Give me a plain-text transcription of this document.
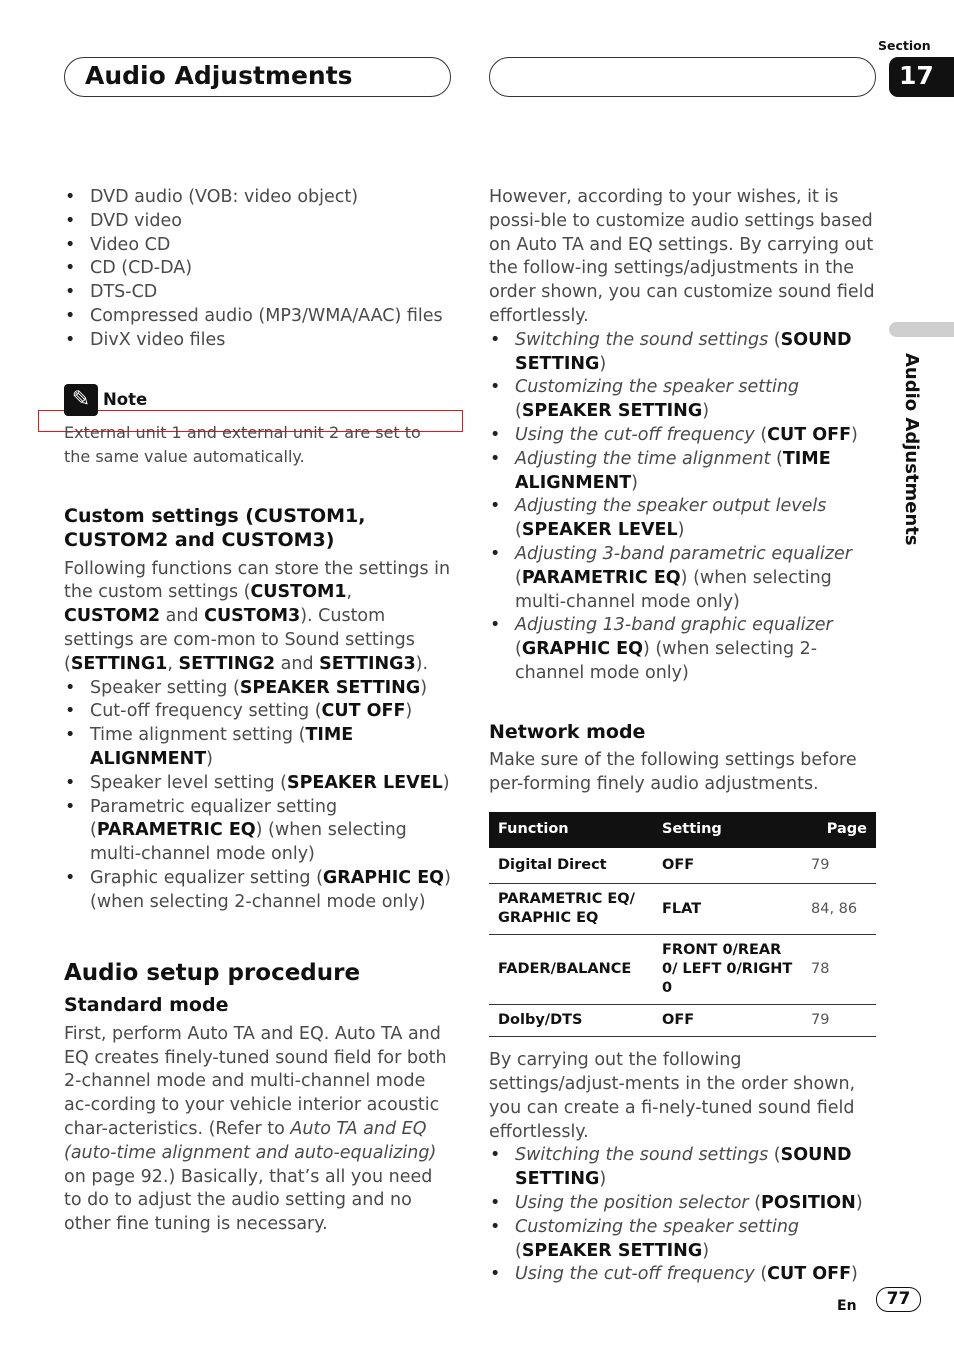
Audio Adjustments
Section
17
Audio Adjustments
• DVD audio (VOB: video object)
• DVD video
• Video CD
• CD (CD-DA)
• DTS-CD
• Compressed audio (MP3/WMA/AAC) files
• DivX video files
✎ Note

External unit 1 and external unit 2 are set to the same value automatically.

Custom settings (CUSTOM1, CUSTOM2 and CUSTOM3)

Following functions can store the settings in the custom settings (CUSTOM1, CUSTOM2 and CUSTOM3). Custom settings are com-mon to Sound settings (SETTING1, SETTING2 and SETTING3).

• Speaker setting (SPEAKER SETTING)
• Cut-off frequency setting (CUT OFF)
• Time alignment setting (TIME ALIGNMENT)
• Speaker level setting (SPEAKER LEVEL)
• Parametric equalizer setting (PARAMETRIC EQ) (when selecting multi-channel mode only)
• Graphic equalizer setting (GRAPHIC EQ) (when selecting 2-channel mode only)
Audio setup procedure
Standard mode

First, perform Auto TA and EQ. Auto TA and EQ creates finely-tuned sound field for both 2-channel mode and multi-channel mode ac-cording to your vehicle interior acoustic char-acteristics. (Refer to Auto TA and EQ (auto-time alignment and auto-equalizing) on page 92.) Basically, that’s all you need to do to adjust the audio setting and no other fine tuning is necessary.

However, according to your wishes, it is possi-ble to customize audio settings based on Auto TA and EQ settings. By carrying out the follow-ing settings/adjustments in the order shown, you can customize sound field effortlessly.

• Switching the sound settings (SOUND SETTING)
• Customizing the speaker setting (SPEAKER SETTING)
• Using the cut-off frequency (CUT OFF)
• Adjusting the time alignment (TIME ALIGNMENT)
• Adjusting the speaker output levels (SPEAKER LEVEL)
• Adjusting 3-band parametric equalizer (PARAMETRIC EQ) (when selecting multi-channel mode only)
• Adjusting 13-band graphic equalizer (GRAPHIC EQ) (when selecting 2-channel mode only)
Network mode

Make sure of the following settings before per-forming finely audio adjustments.

Function	Setting	Page
Digital Direct	OFF	79
PARAMETRIC EQ/ GRAPHIC EQ	FLAT	84, 86
FADER/BALANCE	FRONT 0/REAR 0/ LEFT 0/RIGHT 0	78
Dolby/DTS	OFF	79

By carrying out the following settings/adjust-ments in the order shown, you can create a fi-nely-tuned sound field effortlessly.

• Switching the sound settings (SOUND SETTING)
• Using the position selector (POSITION)
• Customizing the speaker setting (SPEAKER SETTING)
• Using the cut-off frequency (CUT OFF)
En	77
